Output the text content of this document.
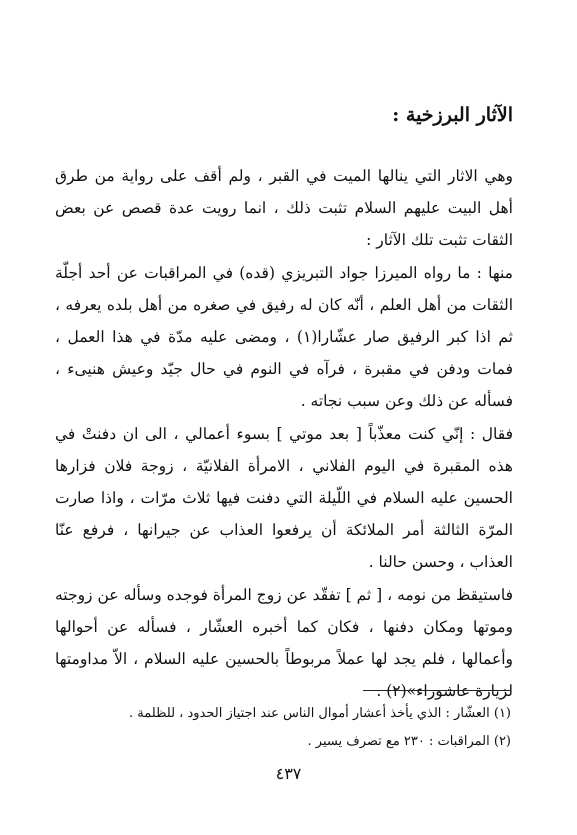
الآثار البرزخية :

وهي الاثار التي ينالها الميت في القبر ، ولم أقف على رواية من طرق أهل البيت عليهم السلام تثبت ذلك ، انما رويت عدة قصص عن بعض الثقات تثبت تلك الآثار :

منها : ما رواه الميرزا جواد التبريزي (قده) في المراقبات عن أحد أجلّة الثقات من أهل العلم ، أنّه كان له رفيق في صغره من أهل بلده يعرفه ، ثم اذا كبر الرفيق صار عشّارا(١) ، ومضى عليه مدّة في هذا العمل ، فمات ودفن في مقبرة ، فرآه في النوم في حال جيّد وعيش هنيىء ، فسأله عن ذلك وعن سبب نجاته .

فقال : إنّي كنت معذّباً [ بعد موتي ] بسوء أعمالي ، الى ان دفنتْ في هذه المقبرة في اليوم الفلاني ، الامرأة الفلانيّة ، زوجة فلان فزارها الحسين عليه السلام في اللّيلة التي دفنت فيها ثلاث مرّات ، واذا صارت المرّة الثالثة أمر الملائكة أن يرفعوا العذاب عن جيرانها ، فرفع عنّا العذاب ، وحسن حالنا .

فاستيقظ من نومه ، [ ثم ] تفقّد عن زوج المرأة فوجده وسأله عن زوجته وموتها ومكان دفنها ، فكان كما أخبره العشّار ، فسأله عن أحوالها وأعمالها ، فلم يجد لها عملاً مربوطاً بالحسين عليه السلام ، الاّ مداومتها لزيارة عاشوراء»(٢) .

(١) العشّار : الذي يأخذ أعشار أموال الناس عند اجتياز الحدود ، للظلمة .

(٢) المراقبات : ٢٣٠ مع تصرف يسير .

٤٣٧
